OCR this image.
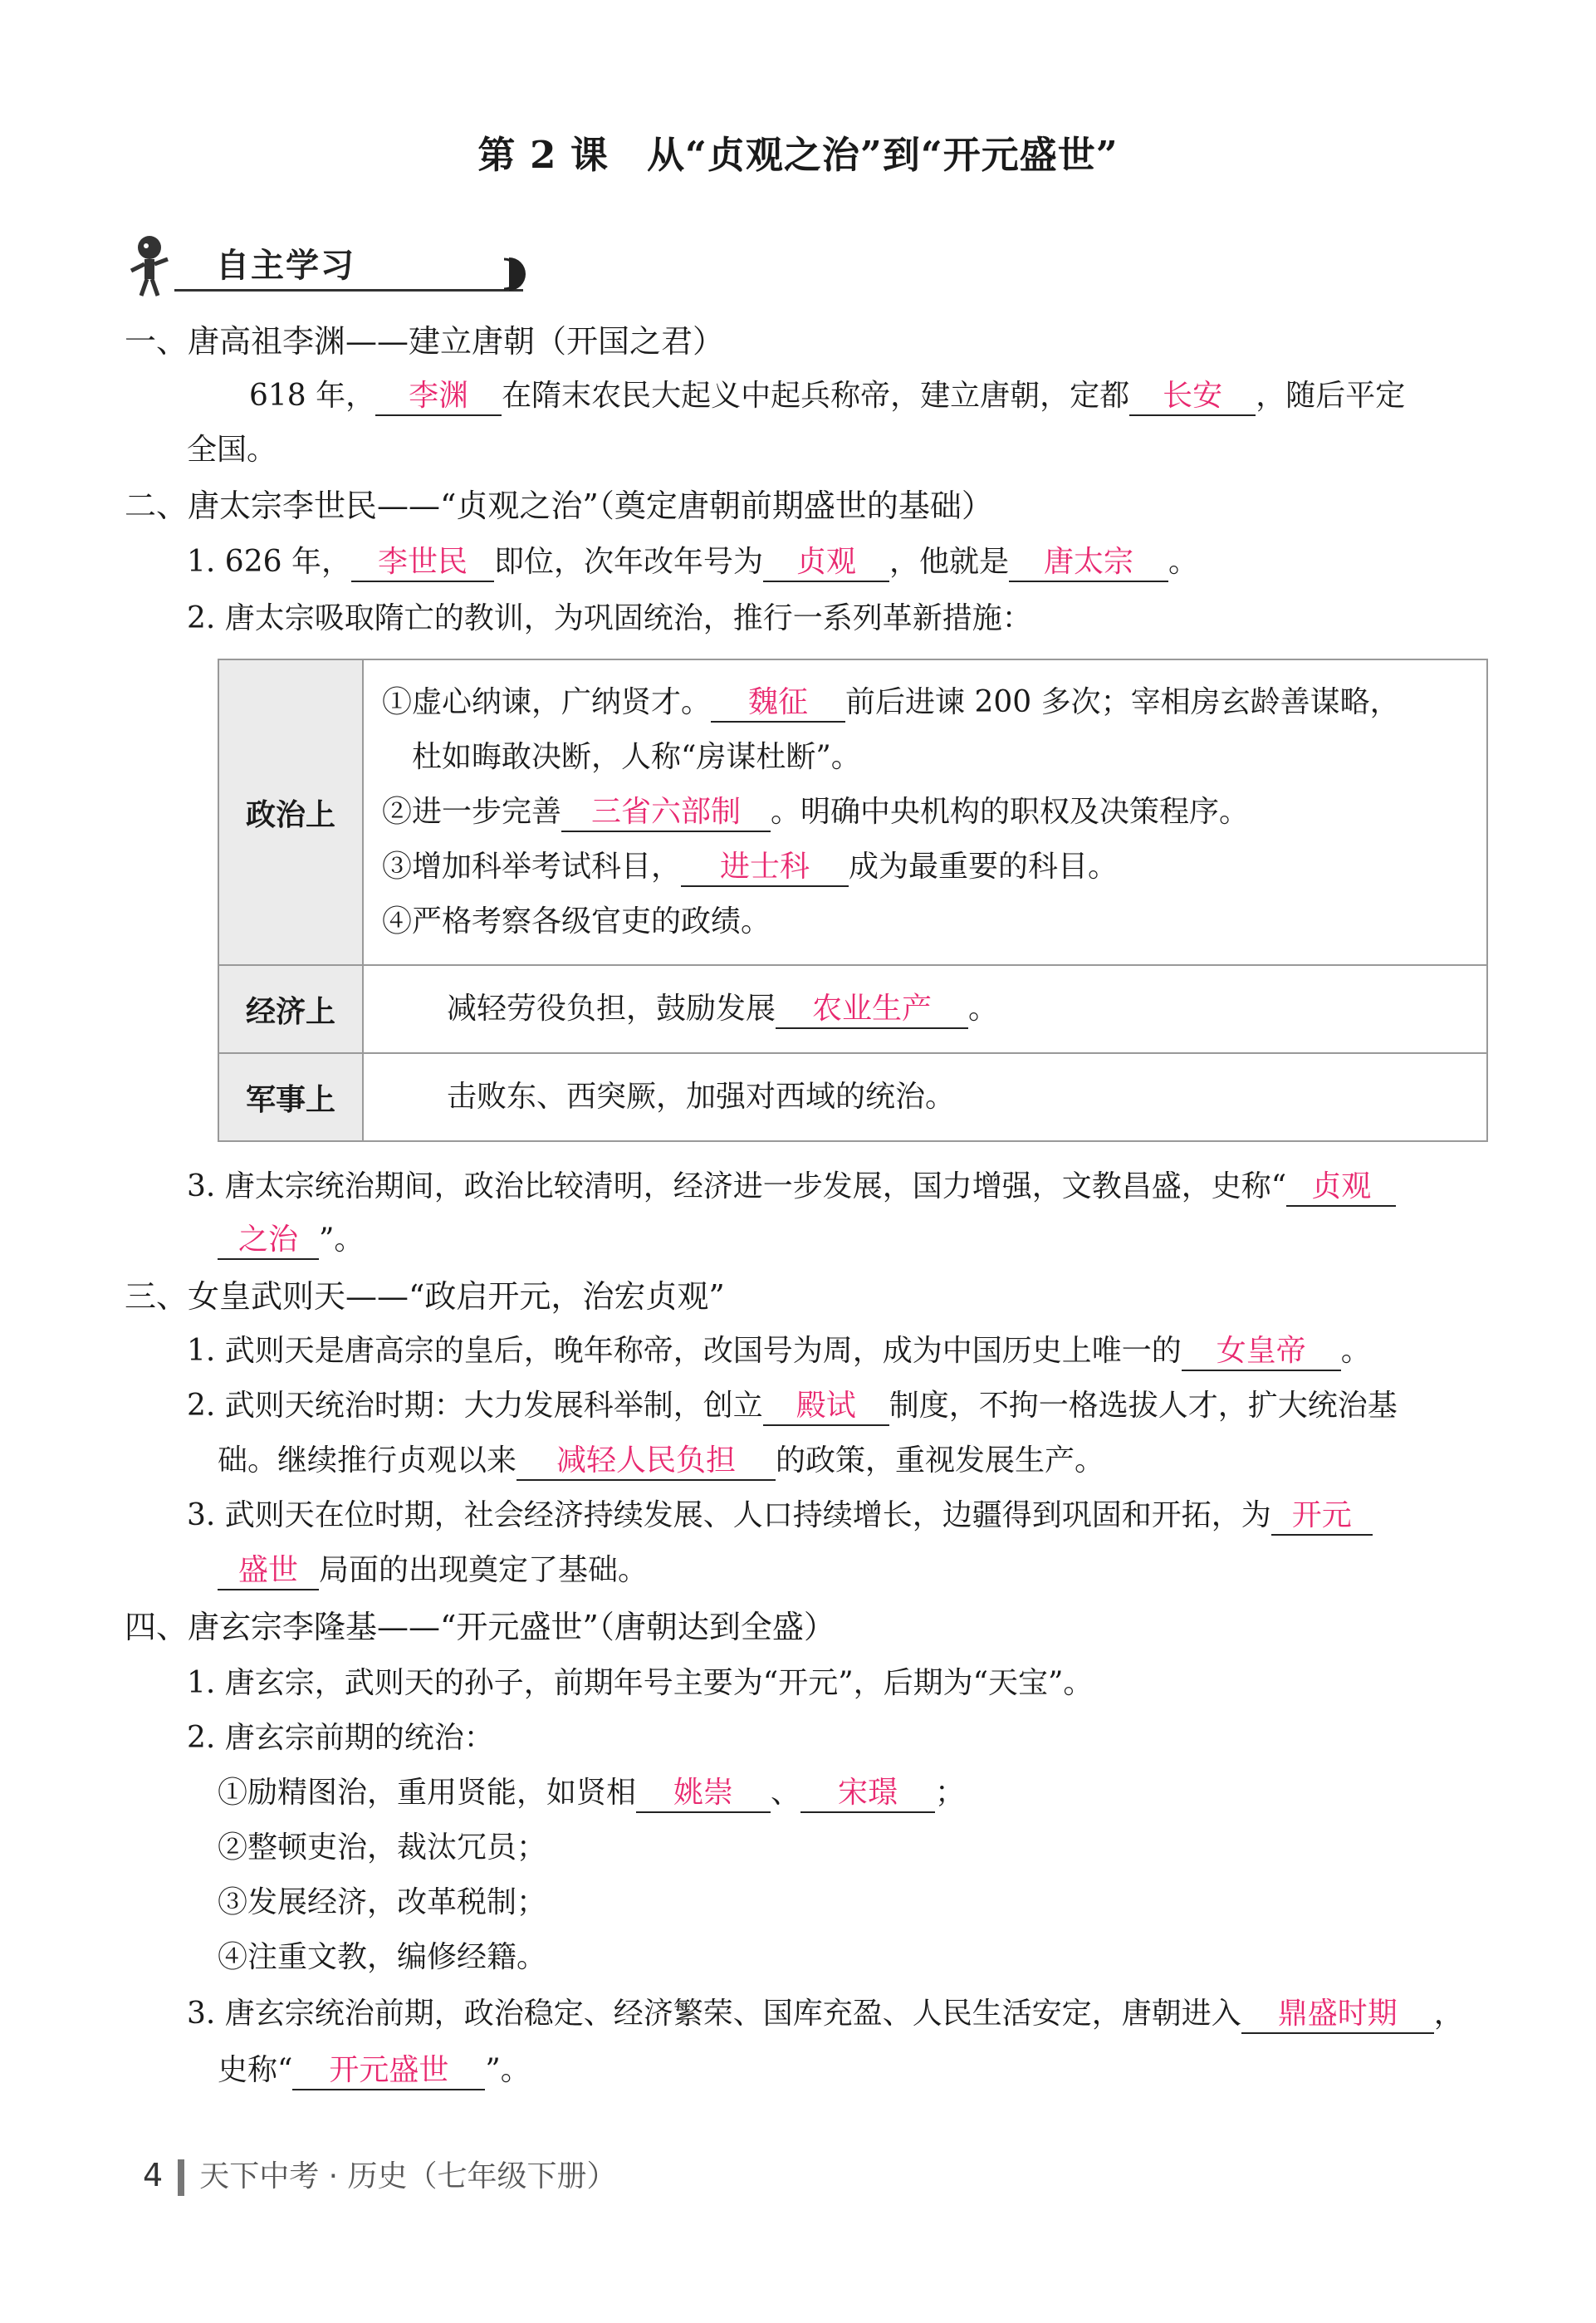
第 2 课　从“贞观之治”到“开元盛世”
自主学习
一、唐高祖李渊——建立唐朝（开国之君）
618 年， 李渊 在隋末农民大起义中起兵称帝，建立唐朝，定都 长安 ，随后平定
全国。
二、唐太宗李世民——“贞观之治”（奠定唐朝前期盛世的基础）
1. 626 年， 李世民 即位，次年改年号为 贞观 ，他就是 唐太宗 。
2. 唐太宗吸取隋亡的教训，为巩固统治，推行一系列革新措施：
政治上	①虚心纳谏，广纳贤才。 魏征 前后进谏 200 多次；宰相房玄龄善谋略，
杜如晦敢决断，人称“房谋杜断”。
②进一步完善 三省六部制 。明确中央机构的职权及决策程序。
③增加科举考试科目， 进士科 成为最重要的科目。
④严格考察各级官吏的政绩。

经济上	减轻劳役负担，鼓励发展 农业生产 。
军事上	击败东、西突厥，加强对西域的统治。
3. 唐太宗统治期间，政治比较清明，经济进一步发展，国力增强，文教昌盛，史称“ 贞观
之治 ”。
三、女皇武则天——“政启开元，治宏贞观”
1. 武则天是唐高宗的皇后，晚年称帝，改国号为周，成为中国历史上唯一的 女皇帝 。
2. 武则天统治时期：大力发展科举制，创立 殿试 制度，不拘一格选拔人才，扩大统治基
础。继续推行贞观以来 减轻人民负担 的政策，重视发展生产。
3. 武则天在位时期，社会经济持续发展、人口持续增长，边疆得到巩固和开拓，为 开元
盛世 局面的出现奠定了基础。
四、唐玄宗李隆基——“开元盛世”（唐朝达到全盛）
1. 唐玄宗，武则天的孙子，前期年号主要为“开元”，后期为“天宝”。
2. 唐玄宗前期的统治：
①励精图治，重用贤能，如贤相 姚崇 、 宋璟 ；
②整顿吏治，裁汰冗员；
③发展经济，改革税制；
④注重文教，编修经籍。
3. 唐玄宗统治前期，政治稳定、经济繁荣、国库充盈、人民生活安定，唐朝进入 鼎盛时期 ，
史称“ 开元盛世 ”。
4 天下中考 · 历史（七年级下册）
